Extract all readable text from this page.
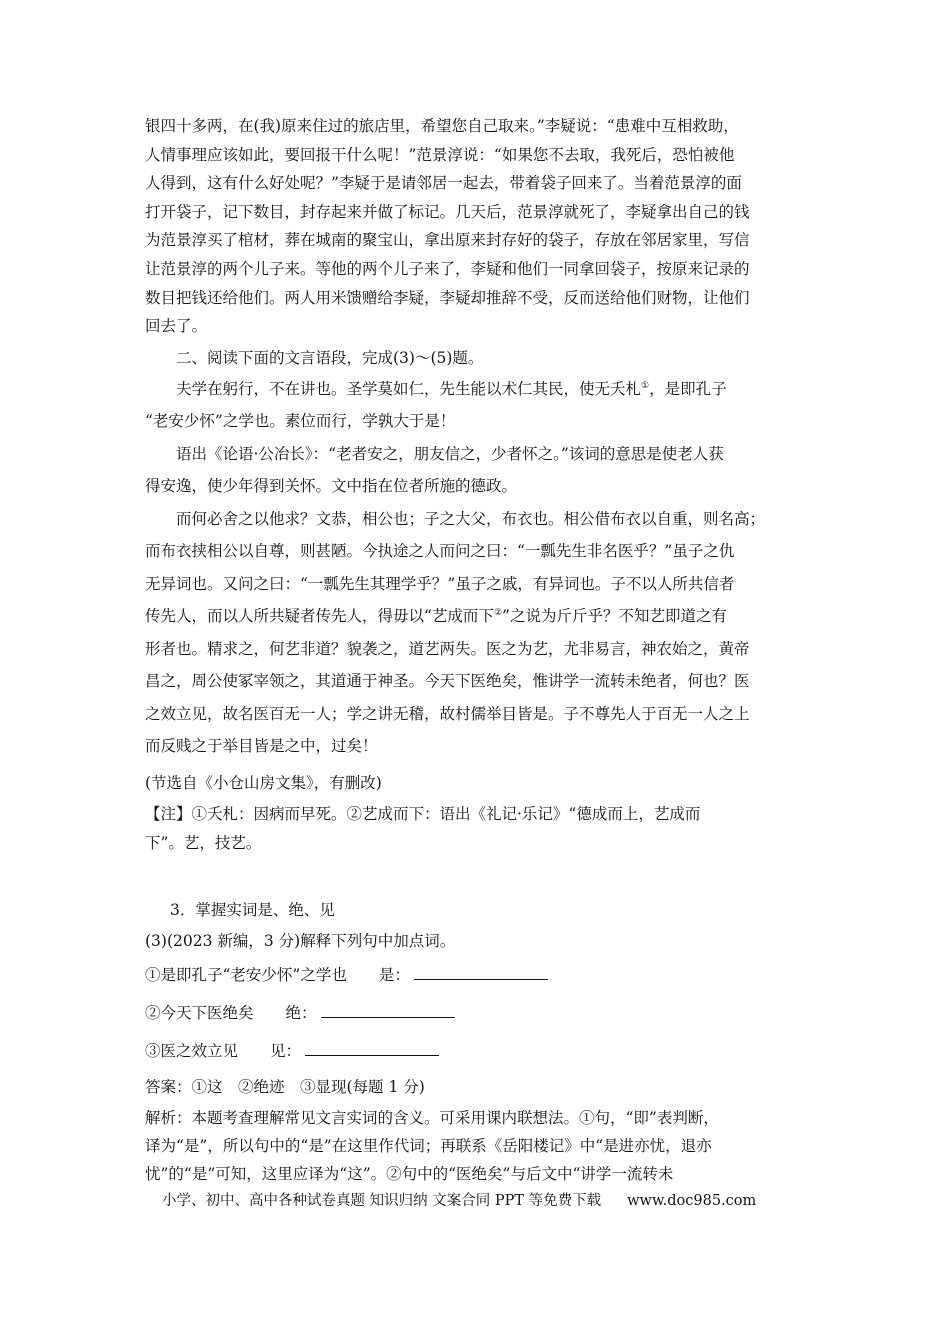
银四十多两，在(我)原来住过的旅店里，希望您自己取来。”李疑说：“患难中互相救助，

人情事理应该如此，要回报干什么呢！”范景淳说：“如果您不去取，我死后，恐怕被他

人得到，这有什么好处呢？”李疑于是请邻居一起去，带着袋子回来了。当着范景淳的面

打开袋子，记下数目，封存起来并做了标记。几天后，范景淳就死了，李疑拿出自己的钱

为范景淳买了棺材，葬在城南的聚宝山，拿出原来封存好的袋子，存放在邻居家里，写信

让范景淳的两个儿子来。等他的两个儿子来了，李疑和他们一同拿回袋子，按原来记录的

数目把钱还给他们。两人用米馈赠给李疑，李疑却推辞不受，反而送给他们财物，让他们

回去了。

二、阅读下面的文言语段，完成(3)～(5)题。

夫学在躬行，不在讲也。圣学莫如仁，先生能以术仁其民，使无夭札①，是即孔子

“老安少怀”之学也。素位而行，学孰大于是！

语出《论语·公冶长》：“老者安之，朋友信之，少者怀之。”该词的意思是使老人获

得安逸，使少年得到关怀。文中指在位者所施的德政。

而何必舍之以他求？文恭，相公也；子之大父，布衣也。相公借布衣以自重，则名高；

而布衣挟相公以自尊，则甚陋。今执途之人而问之曰：“一瓢先生非名医乎？”虽子之仇

无异词也。又问之曰：“一瓢先生其理学乎？”虽子之戚，有异词也。子不以人所共信者

传先人，而以人所共疑者传先人，得毋以“艺成而下②”之说为斤斤乎？不知艺即道之有

形者也。精求之，何艺非道？貌袭之，道艺两失。医之为艺，尤非易言，神农始之，黄帝

昌之，周公使冢宰领之，其道通于神圣。今天下医绝矣，惟讲学一流转未绝者，何也？医

之效立见，故名医百无一人；学之讲无稽，故村儒举目皆是。子不尊先人于百无一人之上

而反贱之于举目皆是之中，过矣！

(节选自《小仓山房文集》，有删改)

【注】①夭札：因病而早死。②艺成而下：语出《礼记·乐记》“德成而上，艺成而

下”。艺，技艺。

3．掌握实词是、绝、见

(3)(2023 新编，3 分)解释下列句中加点词。

①是即孔子“老安少怀”之学也 是：

②今天下医绝矣 绝：

③医之效立见 见：

答案：①这　②绝迹　③显现(每题 1 分)

解析：本题考查理解常见文言实词的含义。可采用课内联想法。①句，“即”表判断，

译为“是”，所以句中的“是”在这里作代词；再联系《岳阳楼记》中“是进亦忧，退亦

忧”的“是”可知，这里应译为“这”。②句中的“医绝矣”与后文中“讲学一流转未

小学、初中、高中各种试卷真题 知识归纳 文案合同 PPT 等免费下载 www.doc985.com
